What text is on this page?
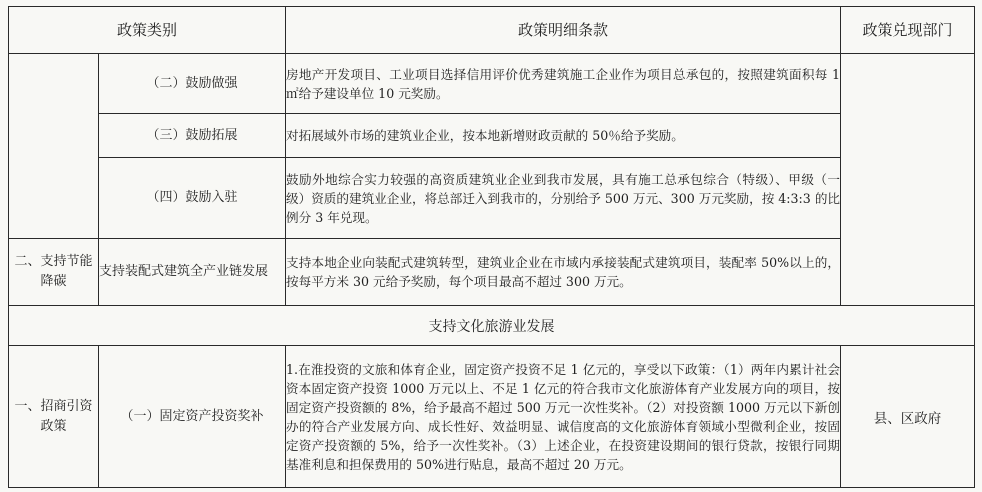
政策类别		政策明细条款	政策兑现部门
	（二）鼓励做强	房地产开发项目、工业项目选择信用评价优秀建筑施工企业作为项目总承包的，按照建筑面积每 1 ㎡给予建设单位 10 元奖励。	
	（三）鼓励拓展	对拓展域外市场的建筑业企业，按本地新增财政贡献的 50％给予奖励。	
	（四）鼓励入驻	鼓励外地综合实力较强的高资质建筑业企业到我市发展，具有施工总承包综合（特级）、甲级（一级）资质的建筑业企业，将总部迁入到我市的，分别给予 500 万元、300 万元奖励，按 4:3:3 的比例分 3 年兑现。	
二、支持节能降碳	支持装配式建筑全产业链发展	支持本地企业向装配式建筑转型，建筑业企业在市域内承接装配式建筑项目，装配率 50%以上的，按每平方米 30 元给予奖励，每个项目最高不超过 300 万元。	
支持文化旅游业发展			
一、招商引资政策	（一）固定资产投资奖补	1.在淮投资的文旅和体育企业，固定资产投资不足 1 亿元的，享受以下政策：（1）两年内累计社会资本固定资产投资 1000 万元以上、不足 1 亿元的符合我市文化旅游体育产业发展方向的项目，按固定资产投资额的 8%，给予最高不超过 500 万元一次性奖补。（2）对投资额 1000 万元以下新创办的符合产业发展方向、成长性好、效益明显、诚信度高的文化旅游体育领域小型微利企业，按固定资产投资额的 5%，给予一次性奖补。（3）上述企业，在投资建设期间的银行贷款，按银行同期基准利息和担保费用的 50%进行贴息，最高不超过 20 万元。	县、区政府
